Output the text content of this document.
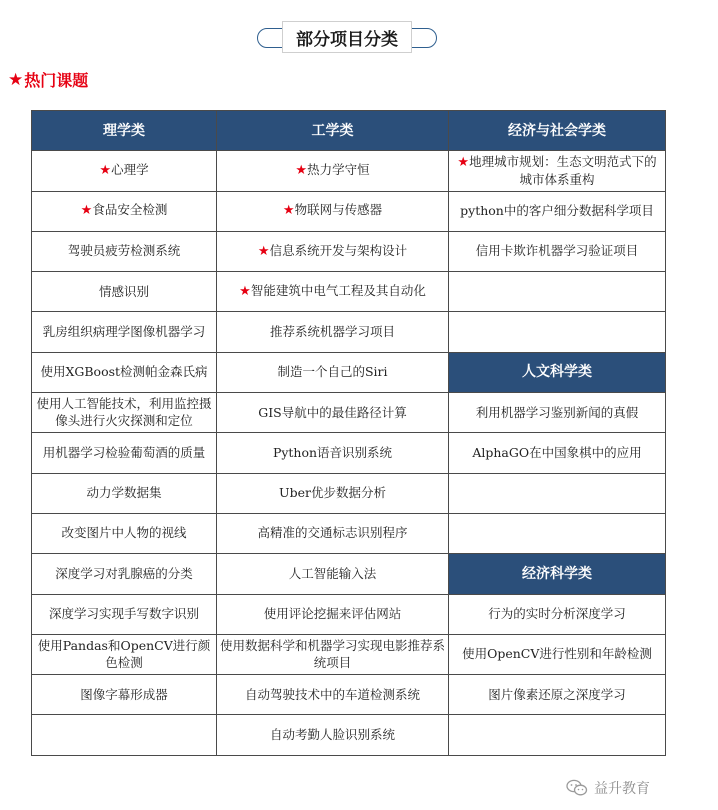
部分项目分类
★ 热门课题
理学类	工学类	经济与社会学类
★心理学	★热力学守恒	★地理城市规划：生态文明范式下的城市体系重构
★食品安全检测	★物联网与传感器	python中的客户细分数据科学项目
驾驶员疲劳检测系统	★信息系统开发与架构设计	信用卡欺诈机器学习验证项目
情感识别	★智能建筑中电气工程及其自动化	
乳房组织病理学图像机器学习	推荐系统机器学习项目	
使用XGBoost检测帕金森氏病	制造一个自己的Siri	人文科学类
使用人工智能技术，利用监控摄像头进行火灾探测和定位	GIS导航中的最佳路径计算	利用机器学习鉴别新闻的真假
用机器学习检验葡萄酒的质量	Python语音识别系统	AlphaGO在中国象棋中的应用
动力学数据集	Uber优步数据分析	
改变图片中人物的视线	高精准的交通标志识别程序	
深度学习对乳腺癌的分类	人工智能输入法	经济科学类
深度学习实现手写数字识别	使用评论挖掘来评估网站	行为的实时分析深度学习
使用Pandas和OpenCV进行颜色检测	使用数据科学和机器学习实现电影推荐系统项目	使用OpenCV进行性别和年龄检测
图像字幕形成器	自动驾驶技术中的车道检测系统	图片像素还原之深度学习
	自动考勤人脸识别系统	
益升教育
